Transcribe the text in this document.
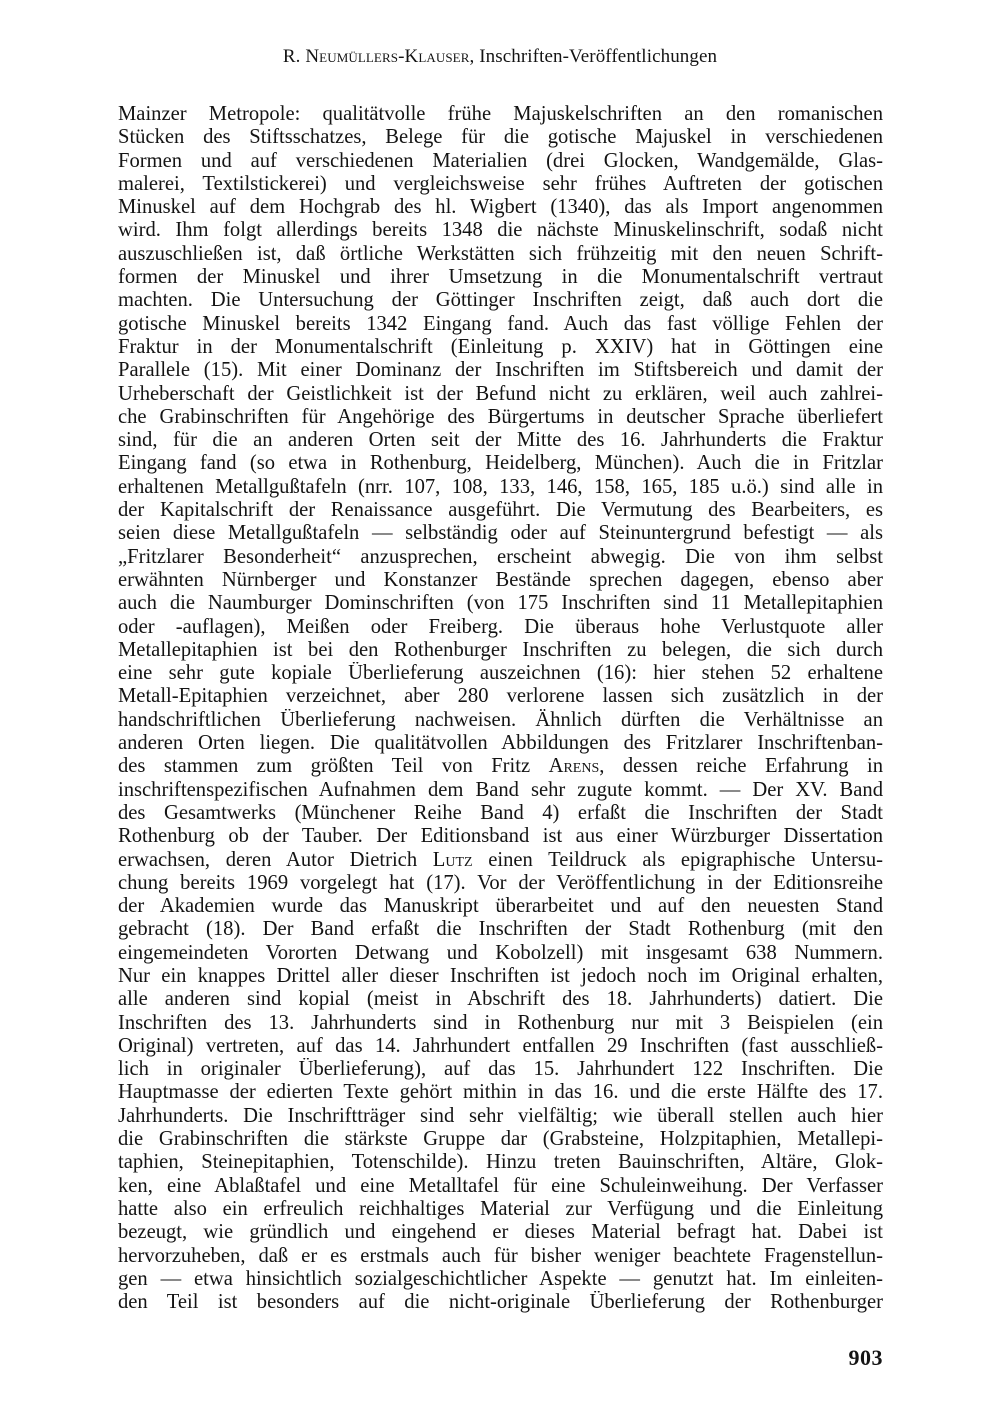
R. Neumüllers-Klauser, Inschriften-Veröffentlichungen
Mainzer Metropole: qualitätvolle frühe Majuskelschriften an den romanischen
Stücken des Stiftsschatzes, Belege für die gotische Majuskel in verschiedenen
Formen und auf verschiedenen Materialien (drei Glocken, Wandgemälde, Glas-
malerei, Textilstickerei) und vergleichsweise sehr frühes Auftreten der gotischen
Minuskel auf dem Hochgrab des hl. Wigbert (1340), das als Import angenommen
wird. Ihm folgt allerdings bereits 1348 die nächste Minuskelinschrift, sodaß nicht
auszuschließen ist, daß örtliche Werkstätten sich frühzeitig mit den neuen Schrift-
formen der Minuskel und ihrer Umsetzung in die Monumentalschrift vertraut
machten. Die Untersuchung der Göttinger Inschriften zeigt, daß auch dort die
gotische Minuskel bereits 1342 Eingang fand. Auch das fast völlige Fehlen der
Fraktur in der Monumentalschrift (Einleitung p. XXIV) hat in Göttingen eine
Parallele (15). Mit einer Dominanz der Inschriften im Stiftsbereich und damit der
Urheberschaft der Geistlichkeit ist der Befund nicht zu erklären, weil auch zahlrei-
che Grabinschriften für Angehörige des Bürgertums in deutscher Sprache überliefert
sind, für die an anderen Orten seit der Mitte des 16. Jahrhunderts die Fraktur
Eingang fand (so etwa in Rothenburg, Heidelberg, München). Auch die in Fritzlar
erhaltenen Metallgußtafeln (nrr. 107, 108, 133, 146, 158, 165, 185 u.ö.) sind alle in
der Kapitalschrift der Renaissance ausgeführt. Die Vermutung des Bearbeiters, es
seien diese Metallgußtafeln — selbständig oder auf Steinuntergrund befestigt — als
„Fritzlarer Besonderheit“ anzusprechen, erscheint abwegig. Die von ihm selbst
erwähnten Nürnberger und Konstanzer Bestände sprechen dagegen, ebenso aber
auch die Naumburger Dominschriften (von 175 Inschriften sind 11 Metallepitaphien
oder -auflagen), Meißen oder Freiberg. Die überaus hohe Verlustquote aller
Metallepitaphien ist bei den Rothenburger Inschriften zu belegen, die sich durch
eine sehr gute kopiale Überlieferung auszeichnen (16): hier stehen 52 erhaltene
Metall-Epitaphien verzeichnet, aber 280 verlorene lassen sich zusätzlich in der
handschriftlichen Überlieferung nachweisen. Ähnlich dürften die Verhältnisse an
anderen Orten liegen. Die qualitätvollen Abbildungen des Fritzlarer Inschriftenban-
des stammen zum größten Teil von Fritz Arens, dessen reiche Erfahrung in
inschriftenspezifischen Aufnahmen dem Band sehr zugute kommt. — Der XV. Band
des Gesamtwerks (Münchener Reihe Band 4) erfaßt die Inschriften der Stadt
Rothenburg ob der Tauber. Der Editionsband ist aus einer Würzburger Dissertation
erwachsen, deren Autor Dietrich Lutz einen Teildruck als epigraphische Untersu-
chung bereits 1969 vorgelegt hat (17). Vor der Veröffentlichung in der Editionsreihe
der Akademien wurde das Manuskript überarbeitet und auf den neuesten Stand
gebracht (18). Der Band erfaßt die Inschriften der Stadt Rothenburg (mit den
eingemeindeten Vororten Detwang und Kobolzell) mit insgesamt 638 Nummern.
Nur ein knappes Drittel aller dieser Inschriften ist jedoch noch im Original erhalten,
alle anderen sind kopial (meist in Abschrift des 18. Jahrhunderts) datiert. Die
Inschriften des 13. Jahrhunderts sind in Rothenburg nur mit 3 Beispielen (ein
Original) vertreten, auf das 14. Jahrhundert entfallen 29 Inschriften (fast ausschließ-
lich in originaler Überlieferung), auf das 15. Jahrhundert 122 Inschriften. Die
Hauptmasse der edierten Texte gehört mithin in das 16. und die erste Hälfte des 17.
Jahrhunderts. Die Inschriftträger sind sehr vielfältig; wie überall stellen auch hier
die Grabinschriften die stärkste Gruppe dar (Grabsteine, Holzpitaphien, Metallepi-
taphien, Steinepitaphien, Totenschilde). Hinzu treten Bauinschriften, Altäre, Glok-
ken, eine Ablaßtafel und eine Metalltafel für eine Schuleinweihung. Der Verfasser
hatte also ein erfreulich reichhaltiges Material zur Verfügung und die Einleitung
bezeugt, wie gründlich und eingehend er dieses Material befragt hat. Dabei ist
hervorzuheben, daß er es erstmals auch für bisher weniger beachtete Fragenstellun-
gen — etwa hinsichtlich sozialgeschichtlicher Aspekte — genutzt hat. Im einleiten-
den Teil ist besonders auf die nicht-originale Überlieferung der Rothenburger
903
